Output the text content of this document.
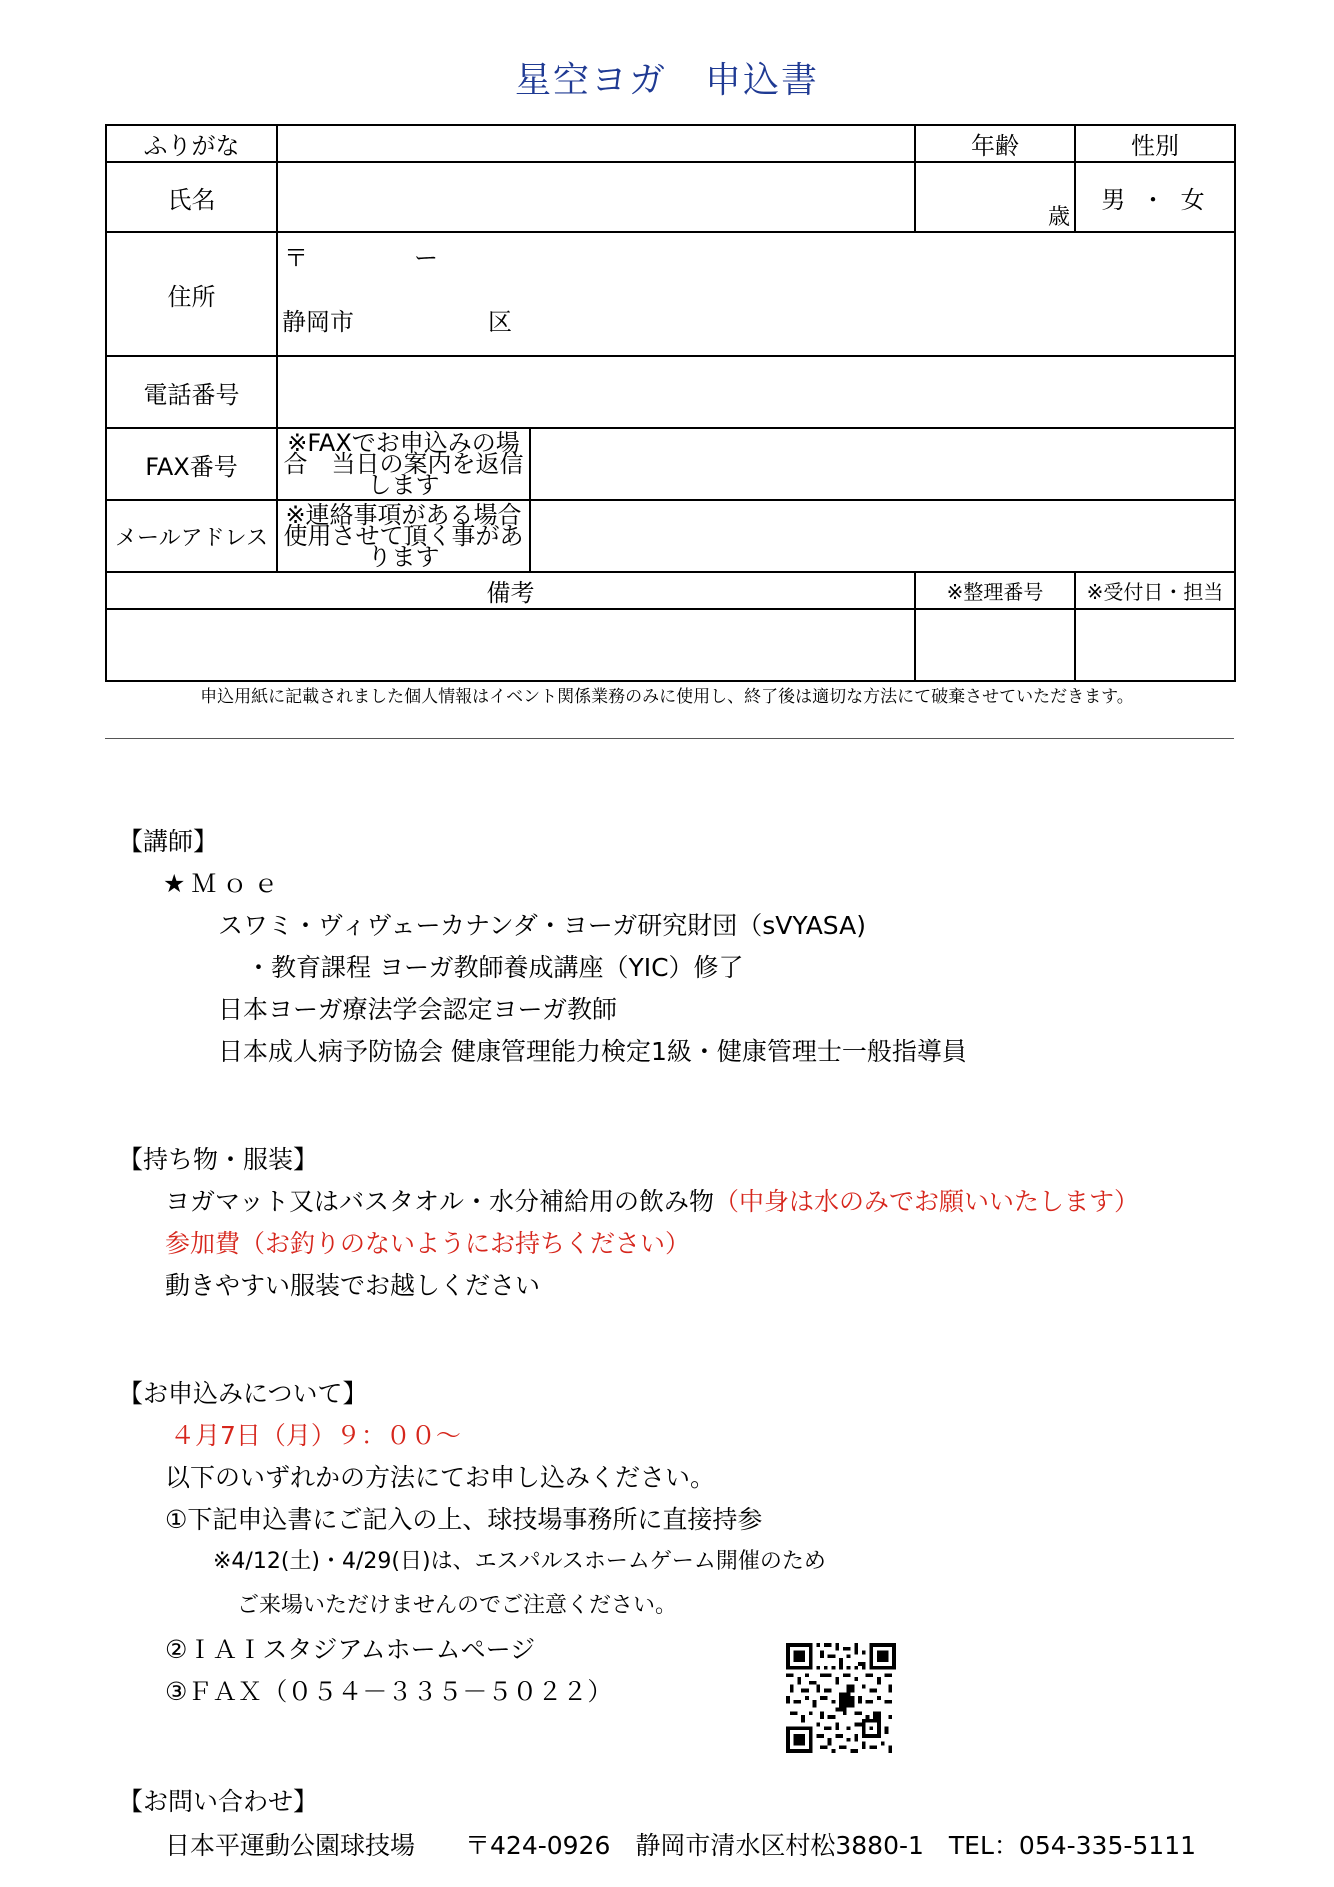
星空ヨガ　申込書
ふりがな			年齢	性別
氏名			歳	男 ・ 女
住所	〒 ー
静岡市 区			

電話番号				
FAX番号	※FAXでお申込みの場合　当日の案内を返信します			
メールアドレス	※連絡事項がある場合　使用させて頂く事があります			
備考			※整理番号	※受付日・担当

申込用紙に記載されました個人情報はイベント関係業務のみに使用し、終了後は適切な方法にて破棄させていただきます。
【講師】
★Ｍｏｅ
スワミ・ヴィヴェーカナンダ・ヨーガ研究財団（sVYASA)
・教育課程 ヨーガ教師養成講座（YIC）修了
日本ヨーガ療法学会認定ヨーガ教師
日本成人病予防協会 健康管理能力検定1級・健康管理士一般指導員
【持ち物・服装】
ヨガマット又はバスタオル・水分補給用の飲み物（中身は水のみでお願いいたします）
参加費（お釣りのないようにお持ちください）
動きやすい服装でお越しください
【お申込みについて】
４月7日（月）９：００～
以下のいずれかの方法にてお申し込みください。
①下記申込書にご記入の上、球技場事務所に直接持参
※4/12(土)・4/29(日)は、エスパルスホームゲーム開催のため
ご来場いただけませんのでご注意ください。
②ＩＡＩスタジアムホームページ
③ＦＡＸ（０５４－３３５－５０２２）
【お問い合わせ】
日本平運動公園球技場　　〒424-0926　静岡市清水区村松3880-1　TEL：054-335-5111
